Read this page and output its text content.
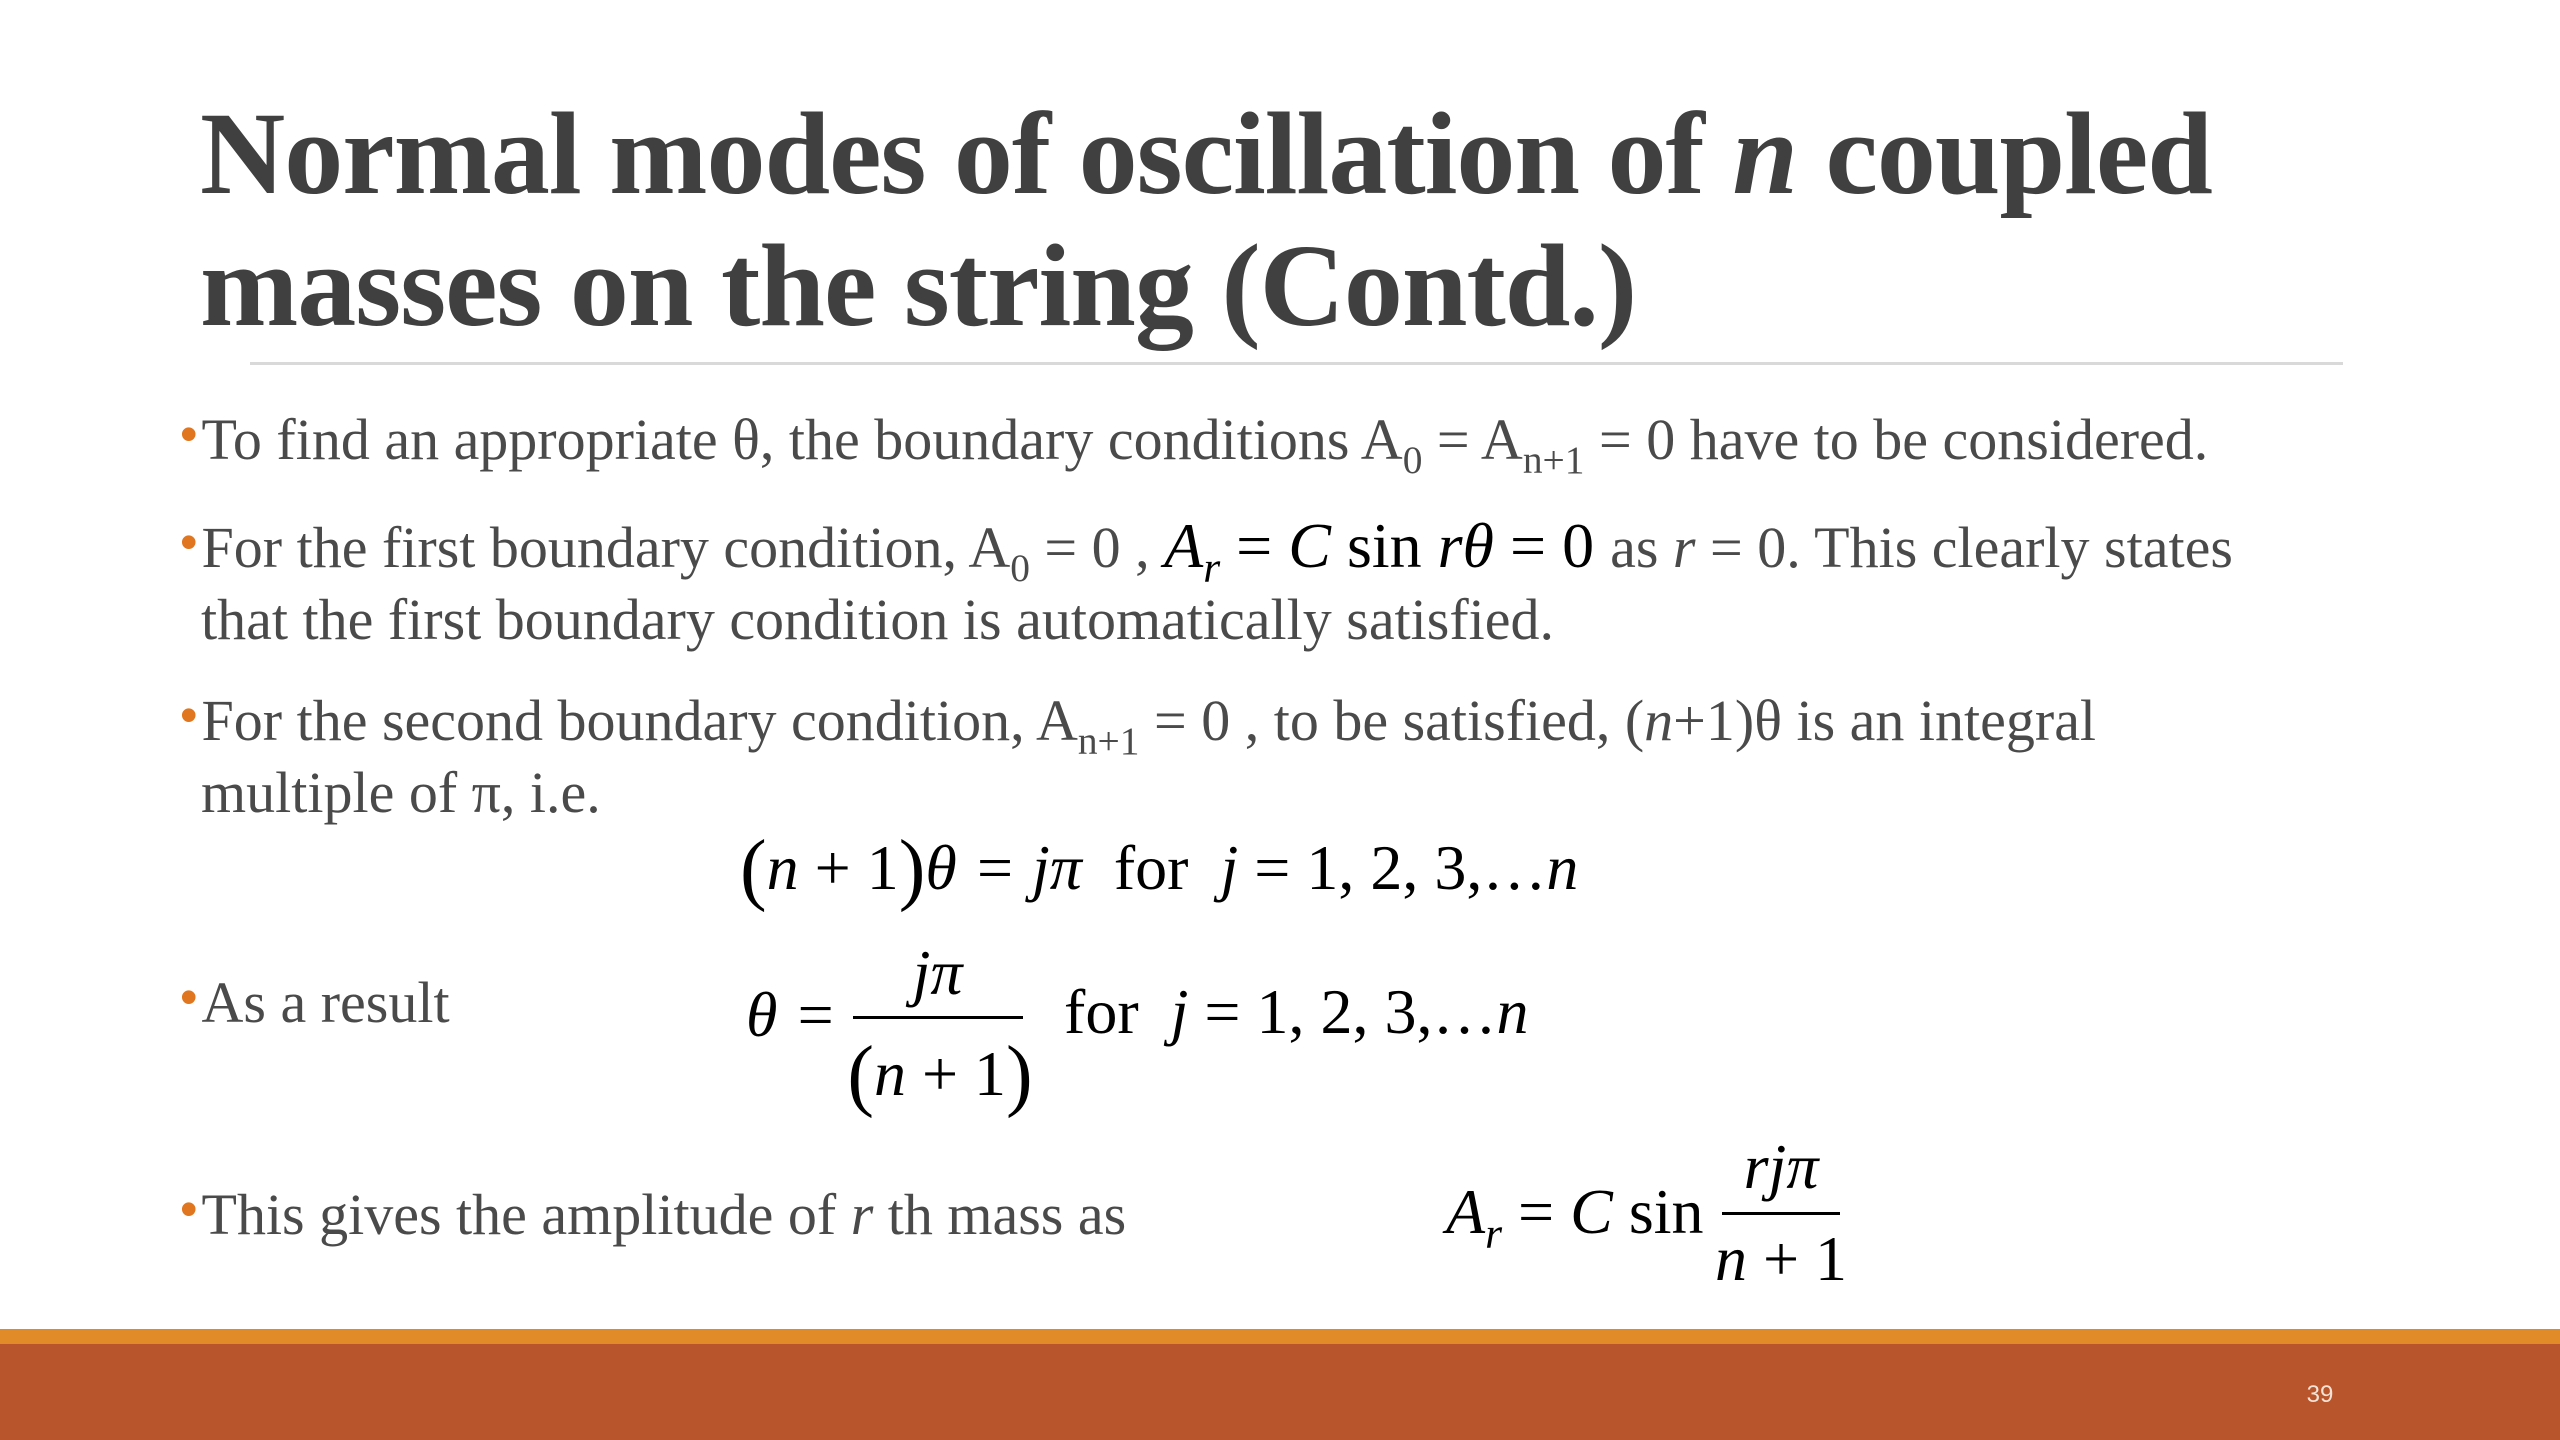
Normal modes of oscillation of n coupled
masses on the string (Contd.)
•To find an appropriate θ, the boundary conditions $A_0 = A_{n+1} = 0$ have to be considered.
•For the first boundary condition, $A_0 = 0$ , $A_r = C$ sin rθ = 0 as r = 0. This clearly states
that the first boundary condition is automatically satisfied.
•For the second boundary condition, $A_{n+1} = 0$ , to be satisfied, (n+1)θ is an integral
multiple of π, i.e.
(n + 1)θ = jπ  for  j = 1, 2, 3,…n
•As a result	θ =
jπ
(n + 1)
for  j = 1, 2, 3,…n
•This gives the amplitude of r th mass as	$A_r = C$ sin
rjπ
n + 1
39
